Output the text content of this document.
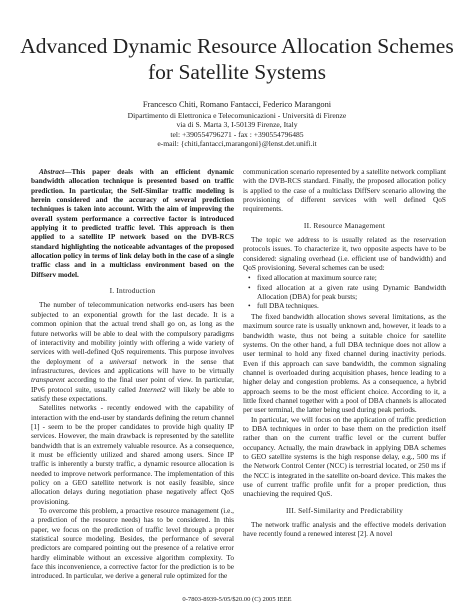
Advanced Dynamic Resource Allocation Schemes
for Satellite Systems
Francesco Chiti, Romano Fantacci, Federico Marangoni
Dipartimento di Elettronica e Telecomunicazioni - Università di Firenze
via di S. Marta 3, I-50139 Firenze, Italy
tel: +390554796271 - fax : +390554796485
e-mail: {chiti,fantacci,marangoni}@lenst.det.unifi.it

Abstract—This paper deals with an efficient dynamic bandwidth allocation technique is presented based on traffic prediction. In particular, the Self-Similar traffic modeling is herein considered and the accuracy of several prediction techniques is taken into account. With the aim of improving the overall system performance a corrective factor is introduced applying it to predicted traffic level. This approach is then applied to a satellite IP network based on the DVB-RCS standard highlighting the noticeable advantages of the proposed allocation policy in terms of link delay both in the case of a single traffic class and in a multiclass environment based on the Diffserv model.

I. Introduction

The number of telecommunication networks end-users has been subjected to an exponential growth for the last decade. It is a common opinion that the actual trend shall go on, as long as the future networks will be able to deal with the compulsory paradigms of interactivity and mobility jointly with offering a wide variety of services with well-defined QoS requirements. This purpose involves the deployment of a universal network in the sense that infrastructures, devices and applications will have to be virtually transparent according to the final user point of view. In particular, IPv6 protocol suite, usually called Internet2 will likely be able to satisfy these expectations.

Satellites networks - recently endowed with the capability of interaction with the end-user by standards defining the return channel [1] - seem to be the proper candidates to provide high quality IP services. However, the main drawback is represented by the satellite bandwidth that is an extremely valuable resource. As a consequence, it must be efficiently utilized and shared among users. Since IP traffic is inherently a bursty traffic, a dynamic resource allocation is needed to improve network performance. The implementation of this policy on a GEO satellite network is not easily feasible, since allocation delays during negotiation phase negatively affect QoS provisioning.

To overcome this problem, a proactive resource management (i.e., a prediction of the resource needs) has to be considered. In this paper, we focus on the prediction of traffic level through a proper statistical source modeling. Besides, the performance of several predictors are compared pointing out the presence of a relative error hardly eliminable without an excessive algorithm complexity. To face this inconvenience, a corrective factor for the prediction is to be introduced. In particular, we derive a general rule optimized for the

communication scenario represented by a satellite network compliant with the DVB-RCS standard. Finally, the proposed allocation policy is applied to the case of a multiclass DiffServ scenario allowing the provisioning of different services with well defined QoS requirements.

II. Resource Management

The topic we address to is usually related as the reservation protocols issues. To characterize it, two opposite aspects have to be considered: signaling overhead (i.e. efficient use of bandwidth) and QoS provisioning. Several schemes can be used:

• fixed allocation at maximum source rate;
• fixed allocation at a given rate using Dynamic Bandwidth Allocation (DBA) for peak bursts;
• full DBA techniques.

The fixed bandwidth allocation shows several limitations, as the maximum source rate is usually unknown and, however, it leads to a bandwidth waste, thus not being a suitable choice for satellite systems. On the other hand, a full DBA technique does not allow a user terminal to hold any fixed channel during inactivity periods. Even if this approach can save bandwidth, the common signaling channel is overloaded during acquisition phases, hence leading to a higher delay and congestion problems. As a consequence, a hybrid approach seems to be the most efficient choice. According to it, a little fixed channel together with a pool of DBA channels is allocated per user terminal, the latter being used during peak periods.

In particular, we will focus on the application of traffic prediction to DBA techniques in order to base them on the prediction itself rather than on the current traffic level or the current buffer occupancy. Actually, the main drawback in applying DBA schemes to GEO satellite systems is the high response delay, e.g., 500 ms if the Network Control Center (NCC) is terrestrial located, or 250 ms if the NCC is integrated in the satellite on-board device. This makes the use of current traffic profile unfit for a proper prediction, thus unachieving the required QoS.

III. Self-Similarity and Predictability

The network traffic analysis and the effective models derivation have recently found a renewed interest [2]. A novel

0-7803-8939-5/05/$20.00 (C) 2005 IEEE
